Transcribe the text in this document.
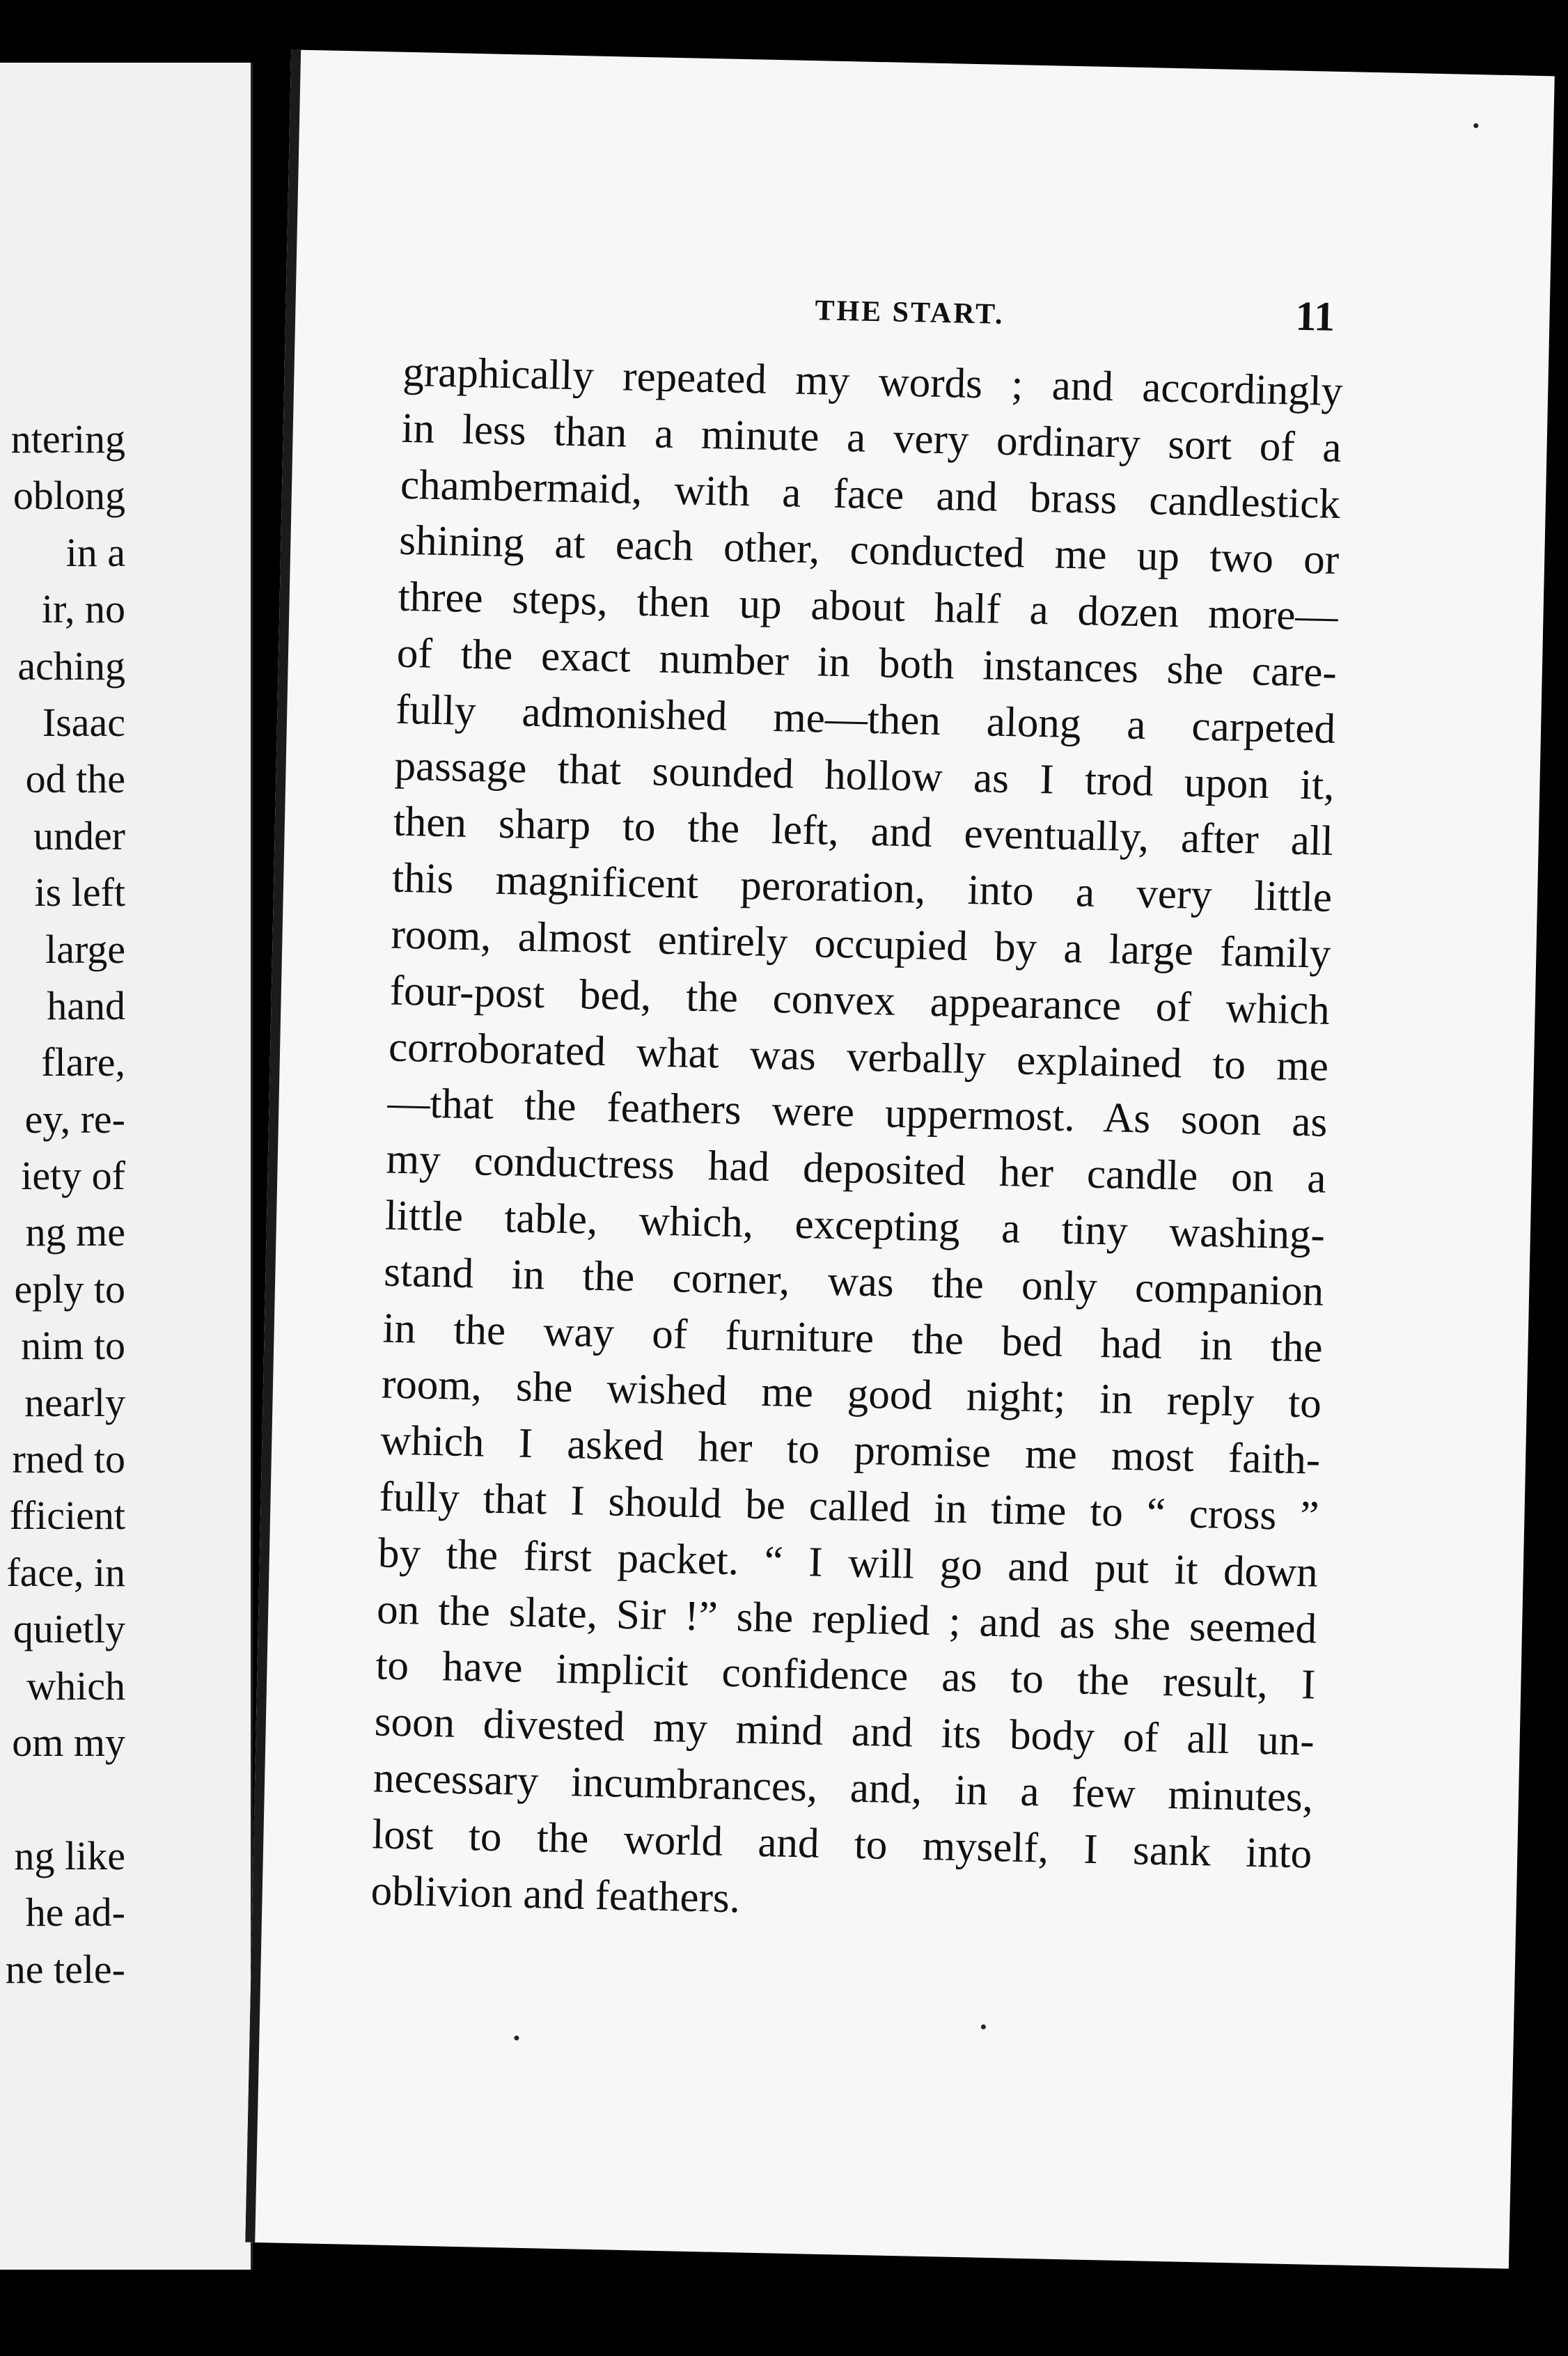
ntering
oblong
in a
ir, no
aching
Isaac
od the
under
is left
large
hand
flare,
ey, re-
iety of
ng me
eply to
nim to
nearly
rned to
fficient
face, in
quietly
which
om my
ng like
he ad-
ne tele-
THE START.	11
graphically repeated my words ; and accordingly
in less than a minute a very ordinary sort of a
chambermaid, with a face and brass candlestick
shining at each other, conducted me up two or
three steps, then up about half a dozen more—
of the exact number in both instances she care-
fully admonished me—then along a carpeted
passage that sounded hollow as I trod upon it,
then sharp to the left, and eventually, after all
this magnificent peroration, into a very little
room, almost entirely occupied by a large family
four-post bed, the convex appearance of which
corroborated what was verbally explained to me
—that the feathers were uppermost. As soon as
my conductress had deposited her candle on a
little table, which, excepting a tiny washing-
stand in the corner, was the only companion
in the way of furniture the bed had in the
room, she wished me good night; in reply to
which I asked her to promise me most faith-
fully that I should be called in time to “ cross ”
by the first packet. “ I will go and put it down
on the slate, Sir !” she replied ; and as she seemed
to have implicit confidence as to the result, I
soon divested my mind and its body of all un-
necessary incumbrances, and, in a few minutes,
lost to the world and to myself, I sank into
oblivion and feathers.
